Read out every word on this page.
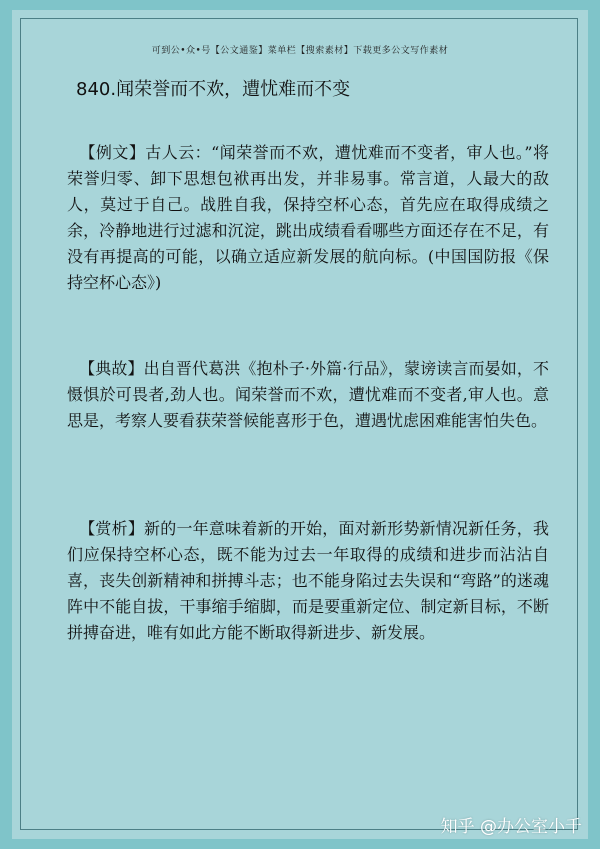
可到公•众•号【公文通鉴】菜单栏【搜索素材】下载更多公文写作素材
840.闻荣誉而不欢，遭忧难而不变
【例文】古人云：“闻荣誉而不欢，遭忧难而不变者，审人也。”将荣誉归零、卸下思想包袱再出发，并非易事。常言道，人最大的敌人，莫过于自己。战胜自我，保持空杯心态，首先应在取得成绩之余，冷静地进行过滤和沉淀，跳出成绩看看哪些方面还存在不足，有没有再提高的可能，以确立适应新发展的航向标。(中国国防报《保持空杯心态》)
【典故】出自晋代葛洪《抱朴子·外篇·行品》，蒙谤读言而晏如，不慑惧於可畏者,劲人也。闻荣誉而不欢，遭忧难而不变者,审人也。意思是，考察人要看获荣誉候能喜形于色，遭遇忧虑困难能害怕失色。
【赏析】新的一年意味着新的开始，面对新形势新情况新任务，我们应保持空杯心态，既不能为过去一年取得的成绩和进步而沾沾自喜，丧失创新精神和拼搏斗志；也不能身陷过去失误和“弯路”的迷魂阵中不能自拔，干事缩手缩脚，而是要重新定位、制定新目标，不断拼搏奋进，唯有如此方能不断取得新进步、新发展。
知乎 @办公室小千
